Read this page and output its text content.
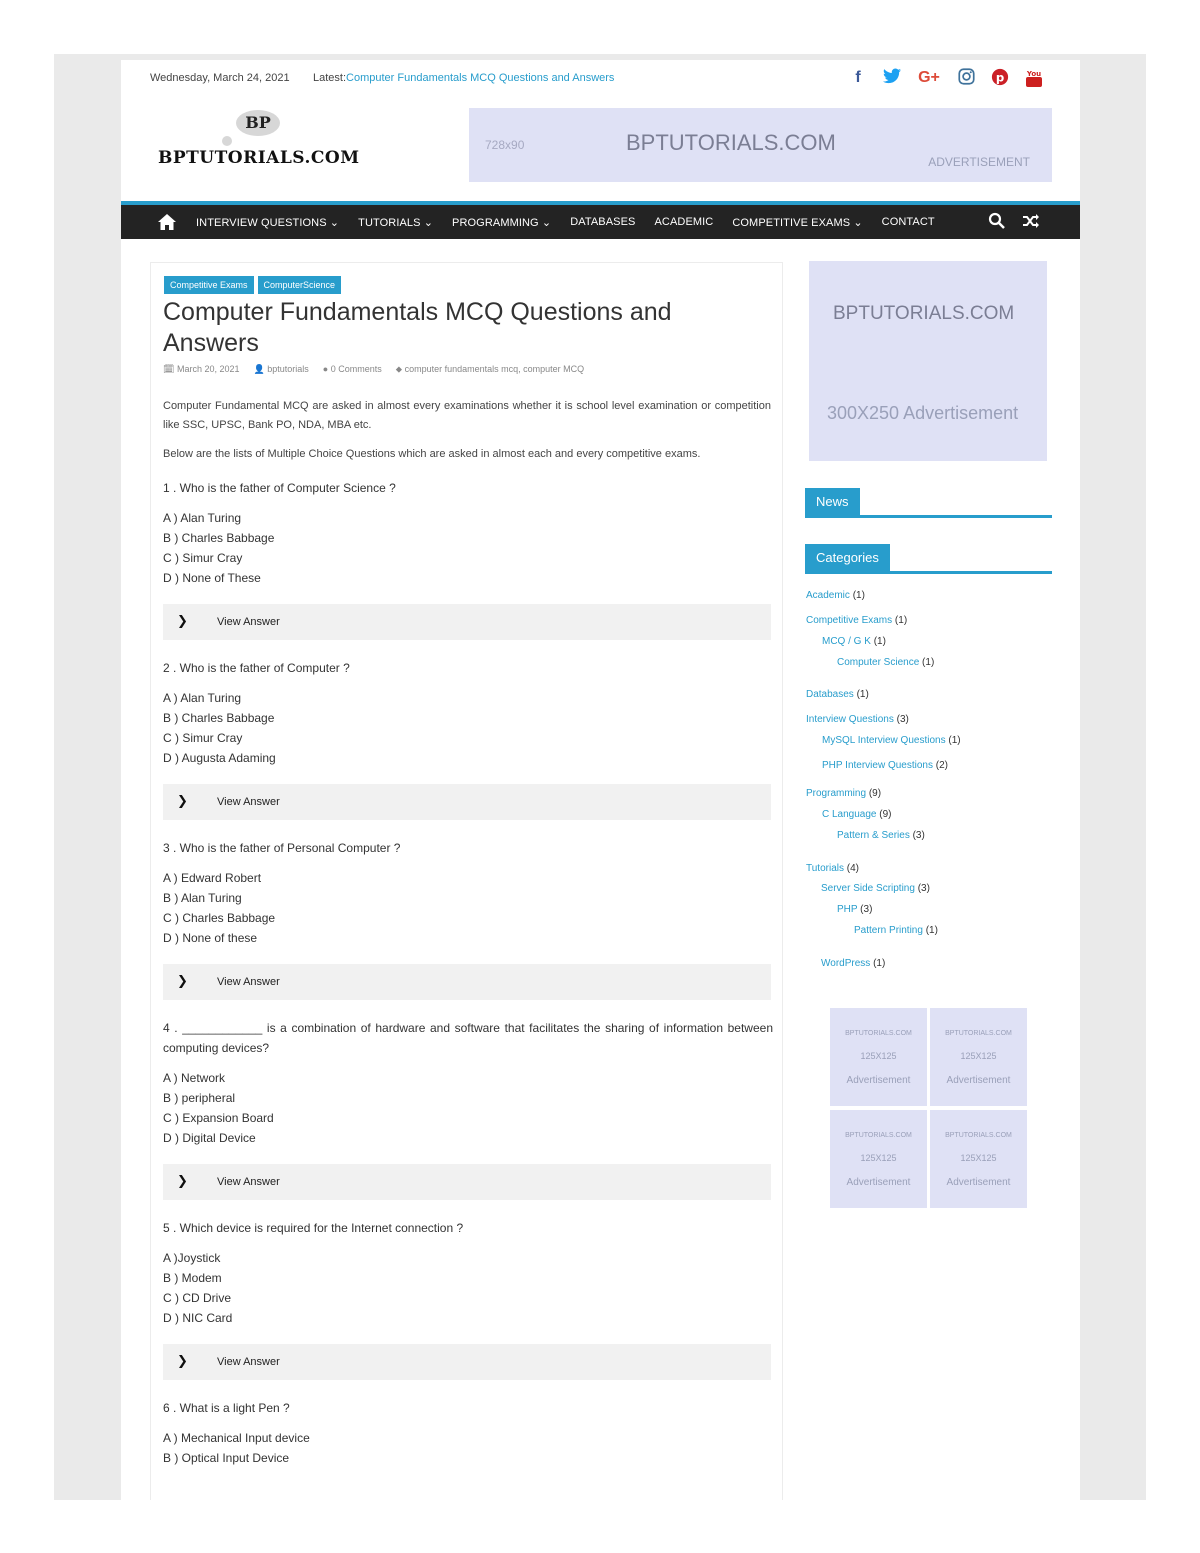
Wednesday, March 24, 2021 Latest:Computer Fundamentals MCQ Questions and Answers	f	G+	p	You
BP
BPTUTORIALS.COM
728x90	BPTUTORIALS.COM
ADVERTISEMENT
INTERVIEW QUESTIONS ⌄ TUTORIALS ⌄ PROGRAMMING ⌄ DATABASES ACADEMIC COMPETITIVE EXAMS ⌄ CONTACT
Competitive Exams	ComputerScience
Computer Fundamentals MCQ Questions and Answers
🗓 March 20, 2021 👤 bptutorials ● 0 Comments ⬥ computer fundamentals mcq, computer MCQ

Computer Fundamental MCQ are asked in almost every examinations whether it is school level examination or competition like SSC, UPSC, Bank PO, NDA, MBA etc.

Below are the lists of Multiple Choice Questions which are asked in almost each and every competitive exams.

1 . Who is the father of Computer Science ?
A ) Alan Turing
B ) Charles Babbage
C ) Simur Cray
D ) None of These
❯	View Answer
2 . Who is the father of Computer ?
A ) Alan Turing
B ) Charles Babbage
C ) Simur Cray
D ) Augusta Adaming
❯	View Answer
3 . Who is the father of Personal Computer ?
A ) Edward Robert
B ) Alan Turing
C ) Charles Babbage
D ) None of these
❯	View Answer
4 . ____________ is a combination of hardware and software that facilitates the sharing of information between computing devices?
A ) Network
B ) peripheral
C ) Expansion Board
D ) Digital Device
❯	View Answer
5 . Which device is required for the Internet connection ?
A )Joystick
B ) Modem
C ) CD Drive
D ) NIC Card
❯	View Answer
6 . What is a light Pen ?
A ) Mechanical Input device
B ) Optical Input Device
BPTUTORIALS.COM
300X250 Advertisement
News
Categories
Academic (1)
Competitive Exams (1)
MCQ / G K (1)
Computer Science (1)
Databases (1)
Interview Questions (3)
MySQL Interview Questions (1)
PHP Interview Questions (2)
Programming (9)
C Language (9)
Pattern & Series (3)
Tutorials (4)
Server Side Scripting (3)
PHP (3)
Pattern Printing (1)
WordPress (1)
BPTUTORIALS.COM
125X125
Advertisement
BPTUTORIALS.COM
125X125
Advertisement
BPTUTORIALS.COM
125X125
Advertisement
BPTUTORIALS.COM
125X125
Advertisement
